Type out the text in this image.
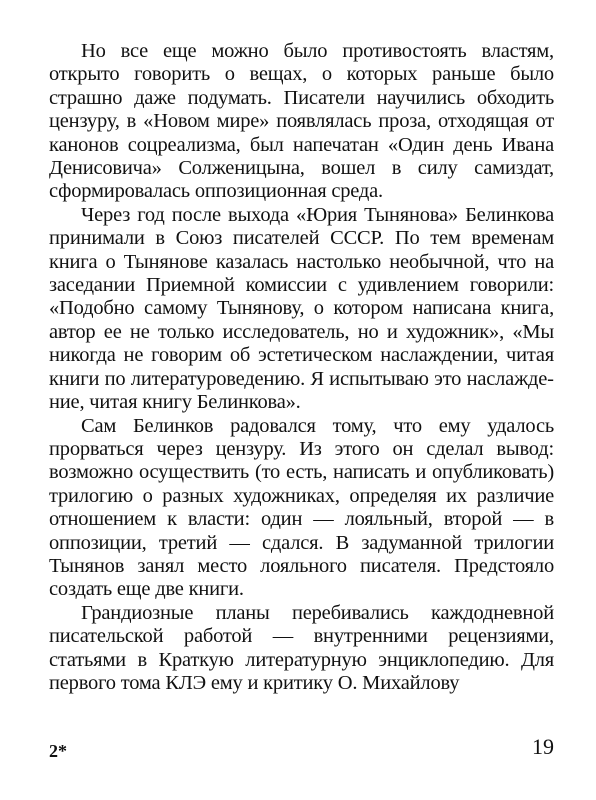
Но все еще можно было противостоять властям, открыто говорить о вещах, о которых раньше было страшно даже подумать. Писатели научились обходить цензуру, в «Новом мире» появлялась проза, отходящая от канонов соцреализма, был напечатан «Один день Ивана Денисовича» Солженицына, вошел в силу самиздат, сформировалась оппозиционная среда.

Через год после выхода «Юрия Тынянова» Белинкова принимали в Союз писателей СССР. По тем временам книга о Тынянове казалась настолько необычной, что на заседании Приемной комиссии с удивлением говорили: «Подобно самому Тынянову, о котором написана книга, автор ее не только исследователь, но и художник», «Мы никогда не говорим об эстетическом наслаждении, читая книги по литературоведению. Я испытываю это наслаждение, читая книгу Белинкова».

Сам Белинков радовался тому, что ему удалось прорваться через цензуру. Из этого он сделал вывод: возможно осуществить (то есть, написать и опубликовать) трилогию о разных художниках, определяя их различие отношением к власти: один — лояльный, второй — в оппозиции, третий — сдался. В задуманной трилогии Тынянов занял место лояльного писателя. Предстояло создать еще две книги.

Грандиозные планы перебивались каждодневной писательской работой — внутренними рецензиями, статьями в Краткую литературную энциклопедию. Для первого тома КЛЭ ему и критику О. Михайлову

2*	19
